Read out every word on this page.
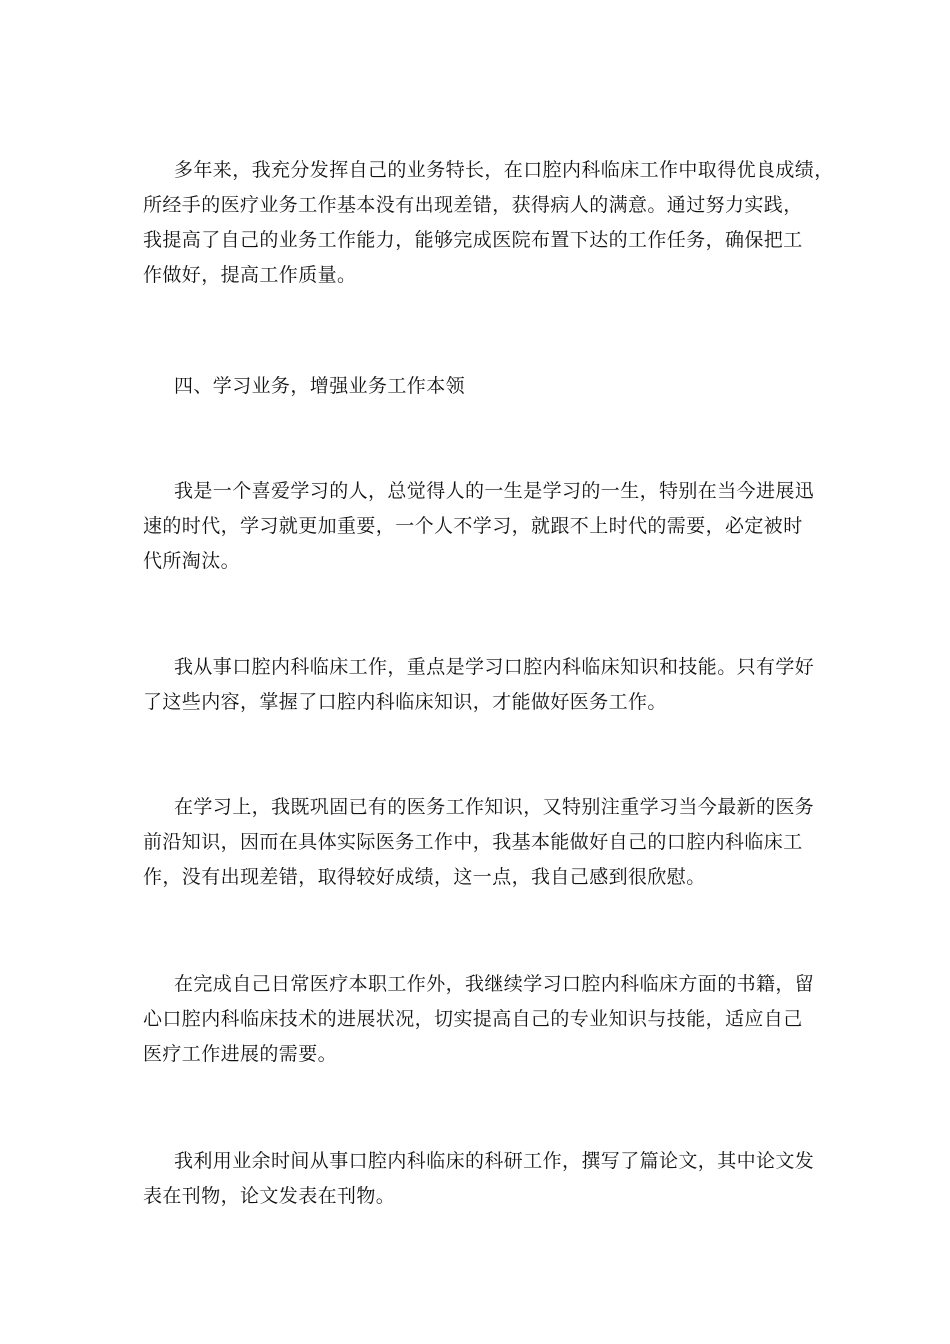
多年来，我充分发挥自己的业务特长，在口腔内科临床工作中取得优良成绩，
所经手的医疗业务工作基本没有出现差错，获得病人的满意。通过努力实践，
我提高了自己的业务工作能力，能够完成医院布置下达的工作任务，确保把工
作做好，提高工作质量。
四、学习业务，增强业务工作本领
我是一个喜爱学习的人，总觉得人的一生是学习的一生，特别在当今进展迅
速的时代，学习就更加重要，一个人不学习，就跟不上时代的需要，必定被时
代所淘汰。
我从事口腔内科临床工作，重点是学习口腔内科临床知识和技能。只有学好
了这些内容，掌握了口腔内科临床知识，才能做好医务工作。
在学习上，我既巩固已有的医务工作知识，又特别注重学习当今最新的医务
前沿知识，因而在具体实际医务工作中，我基本能做好自己的口腔内科临床工
作，没有出现差错，取得较好成绩，这一点，我自己感到很欣慰。
在完成自己日常医疗本职工作外，我继续学习口腔内科临床方面的书籍，留
心口腔内科临床技术的进展状况，切实提高自己的专业知识与技能，适应自己
医疗工作进展的需要。
我利用业余时间从事口腔内科临床的科研工作，撰写了篇论文，其中论文发
表在刊物，论文发表在刊物。
